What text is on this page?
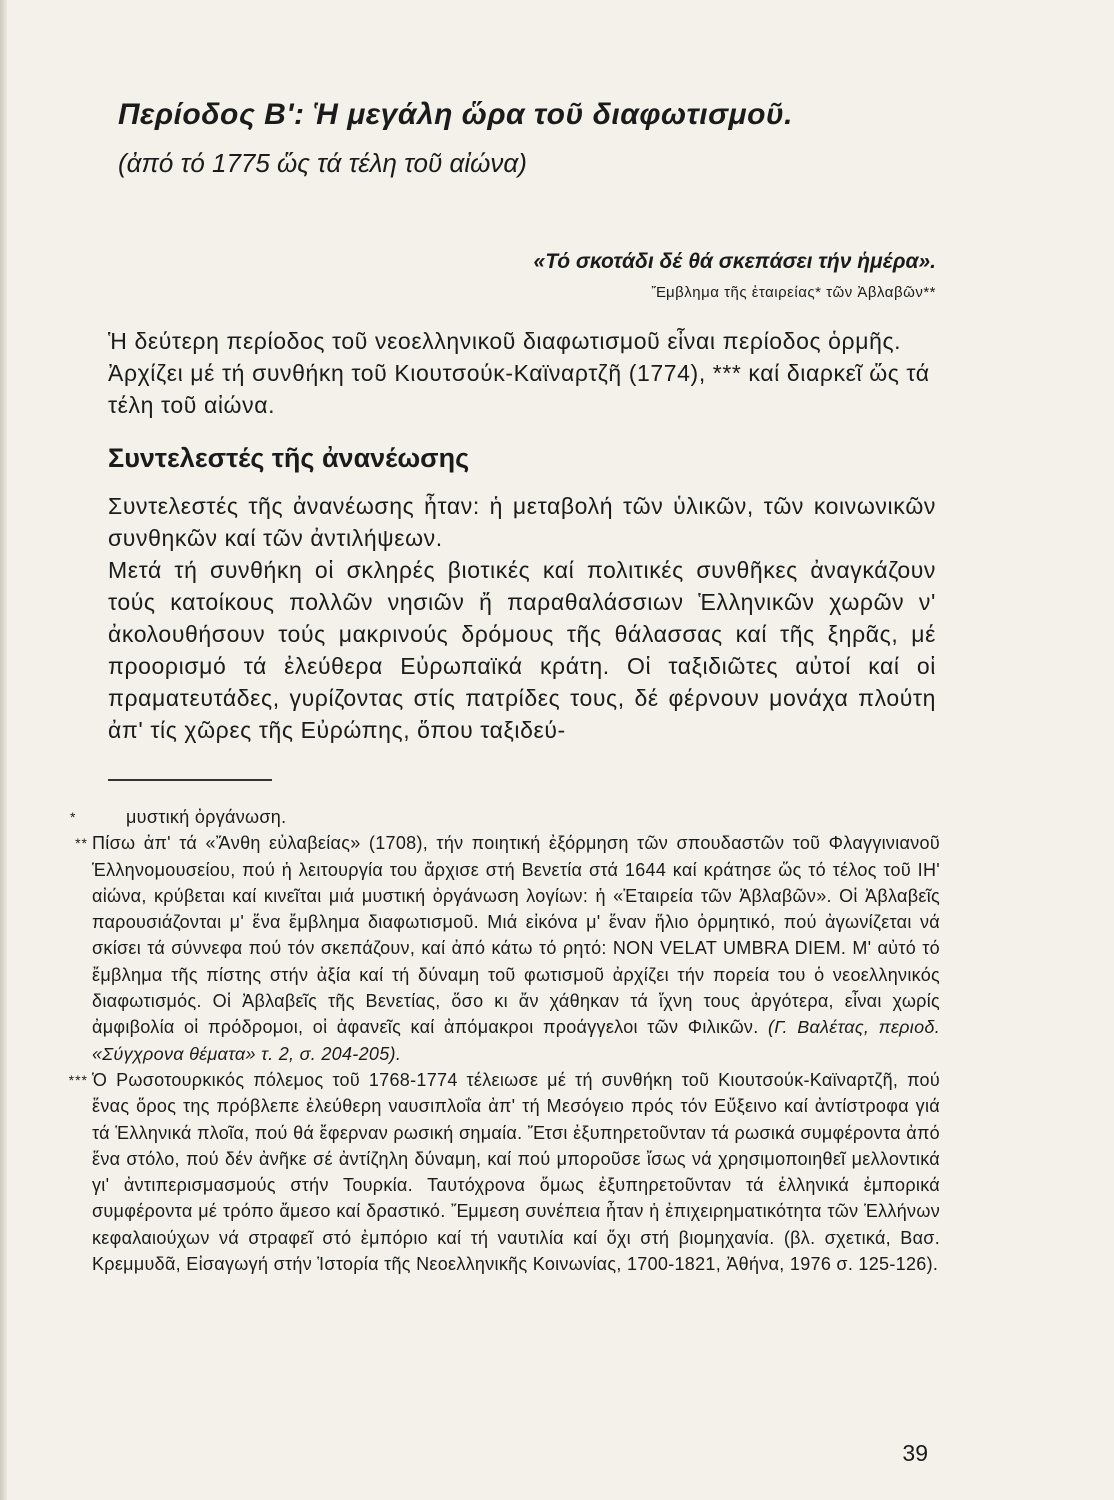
Περίοδος Β': Ἡ μεγάλη ὥρα τοῦ διαφωτισμοῦ.
(ἀπό τό 1775 ὥς τά τέλη τοῦ αἰώνα)
«Τό σκοτάδι δέ θά σκεπάσει τήν ἡμέρα».
Ἔμβλημα τῆς ἑταιρείας* τῶν Ἀβλαβῶν**
Ἡ δεύτερη περίοδος τοῦ νεοελληνικοῦ διαφωτισμοῦ εἶναι περίοδος ὁρμῆς. Ἀρχίζει μέ τή συνθήκη τοῦ Κιουτσούκ-Καϊναρτζῆ (1774), *** καί διαρκεῖ ὥς τά τέλη τοῦ αἰώνα.
Συντελεστές τῆς ἀνανέωσης

Συντελεστές τῆς ἀνανέωσης ἦταν: ἡ μεταβολή τῶν ὑλικῶν, τῶν κοινωνικῶν συνθηκῶν καί τῶν ἀντιλήψεων.

Μετά τή συνθήκη οἱ σκληρές βιοτικές καί πολιτικές συνθῆκες ἀναγκάζουν τούς κατοίκους πολλῶν νησιῶν ἤ παραθαλάσσιων Ἑλληνικῶν χωρῶν ν' ἀκολουθήσουν τούς μακρινούς δρόμους τῆς θάλασσας καί τῆς ξηρᾶς, μέ προορισμό τά ἐλεύθερα Εὐρωπαϊκά κράτη. Οἱ ταξιδιῶτες αὐτοί καί οἱ πραματευτάδες, γυρίζοντας στίς πατρίδες τους, δέ φέρνουν μονάχα πλούτη ἀπ' τίς χῶρες τῆς Εὐρώπης, ὅπου ταξιδεύ-

*	μυστική ὀργάνωση.
** Πίσω ἀπ' τά «Ἄνθη εὐλαβείας» (1708), τήν ποιητική ἐξόρμηση τῶν σπουδαστῶν τοῦ Φλαγγινιανοῦ Ἑλληνομουσείου, πού ἡ λειτουργία του ἄρχισε στή Βενετία στά 1644 καί κράτησε ὥς τό τέλος τοῦ ΙΗ' αἰώνα, κρύβεται καί κινεῖται μιά μυστική ὀργάνωση λογίων: ἡ «Ἑταιρεία τῶν Ἀβλαβῶν». Οἱ Ἀβλαβεῖς παρουσιάζονται μ' ἕνα ἔμβλημα διαφωτισμοῦ. Μιά εἰκόνα μ' ἕναν ἥλιο ὁρμητικό, πού ἀγωνίζεται νά σκίσει τά σύννεφα πού τόν σκεπάζουν, καί ἀπό κάτω τό ρητό: NON VELAT UMBRA DIEM. Μ' αὐτό τό ἔμβλημα τῆς πίστης στήν ἀξία καί τή δύναμη τοῦ φωτισμοῦ ἀρχίζει τήν πορεία του ὁ νεοελληνικός διαφωτισμός. Οἱ Ἀβλαβεῖς τῆς Βενετίας, ὅσο κι ἄν χάθηκαν τά ἴχνη τους ἀργότερα, εἶναι χωρίς ἀμφιβολία οἱ πρόδρομοι, οἱ ἀφανεῖς καί ἀπόμακροι προάγγελοι τῶν Φιλικῶν. (Γ. Βαλέτας, περιοδ. «Σύγχρονα θέματα» τ. 2, σ. 204-205).
*** Ὁ Ρωσοτουρκικός πόλεμος τοῦ 1768-1774 τέλειωσε μέ τή συνθήκη τοῦ Κιουτσούκ-Καϊναρτζῆ, πού ἕνας ὅρος της πρόβλεπε ἐλεύθερη ναυσιπλοΐα ἀπ' τή Μεσόγειο πρός τόν Εὔξεινο καί ἀντίστροφα γιά τά Ἑλληνικά πλοῖα, πού θά ἔφερναν ρωσική σημαία. Ἔτσι ἐξυπηρετοῦνταν τά ρωσικά συμφέροντα ἀπό ἕνα στόλο, πού δέν ἀνῆκε σέ ἀντίζηλη δύναμη, καί πού μποροῦσε ἴσως νά χρησιμοποιηθεῖ μελλοντικά γι' ἀντιπερισμασμούς στήν Τουρκία. Ταυτόχρονα ὅμως ἐξυπηρετοῦνταν τά ἑλληνικά ἐμπορικά συμφέροντα μέ τρόπο ἄμεσο καί δραστικό. Ἔμμεση συνέπεια ἦταν ἡ ἐπιχειρηματικότητα τῶν Ἑλλήνων κεφαλαιούχων νά στραφεῖ στό ἐμπόριο καί τή ναυτιλία καί ὄχι στή βιομηχανία. (βλ. σχετικά, Βασ. Κρεμμυδᾶ, Εἰσαγωγή στήν Ἱστορία τῆς Νεοελληνικῆς Κοινωνίας, 1700-1821, Ἀθήνα, 1976 σ. 125-126).
39
